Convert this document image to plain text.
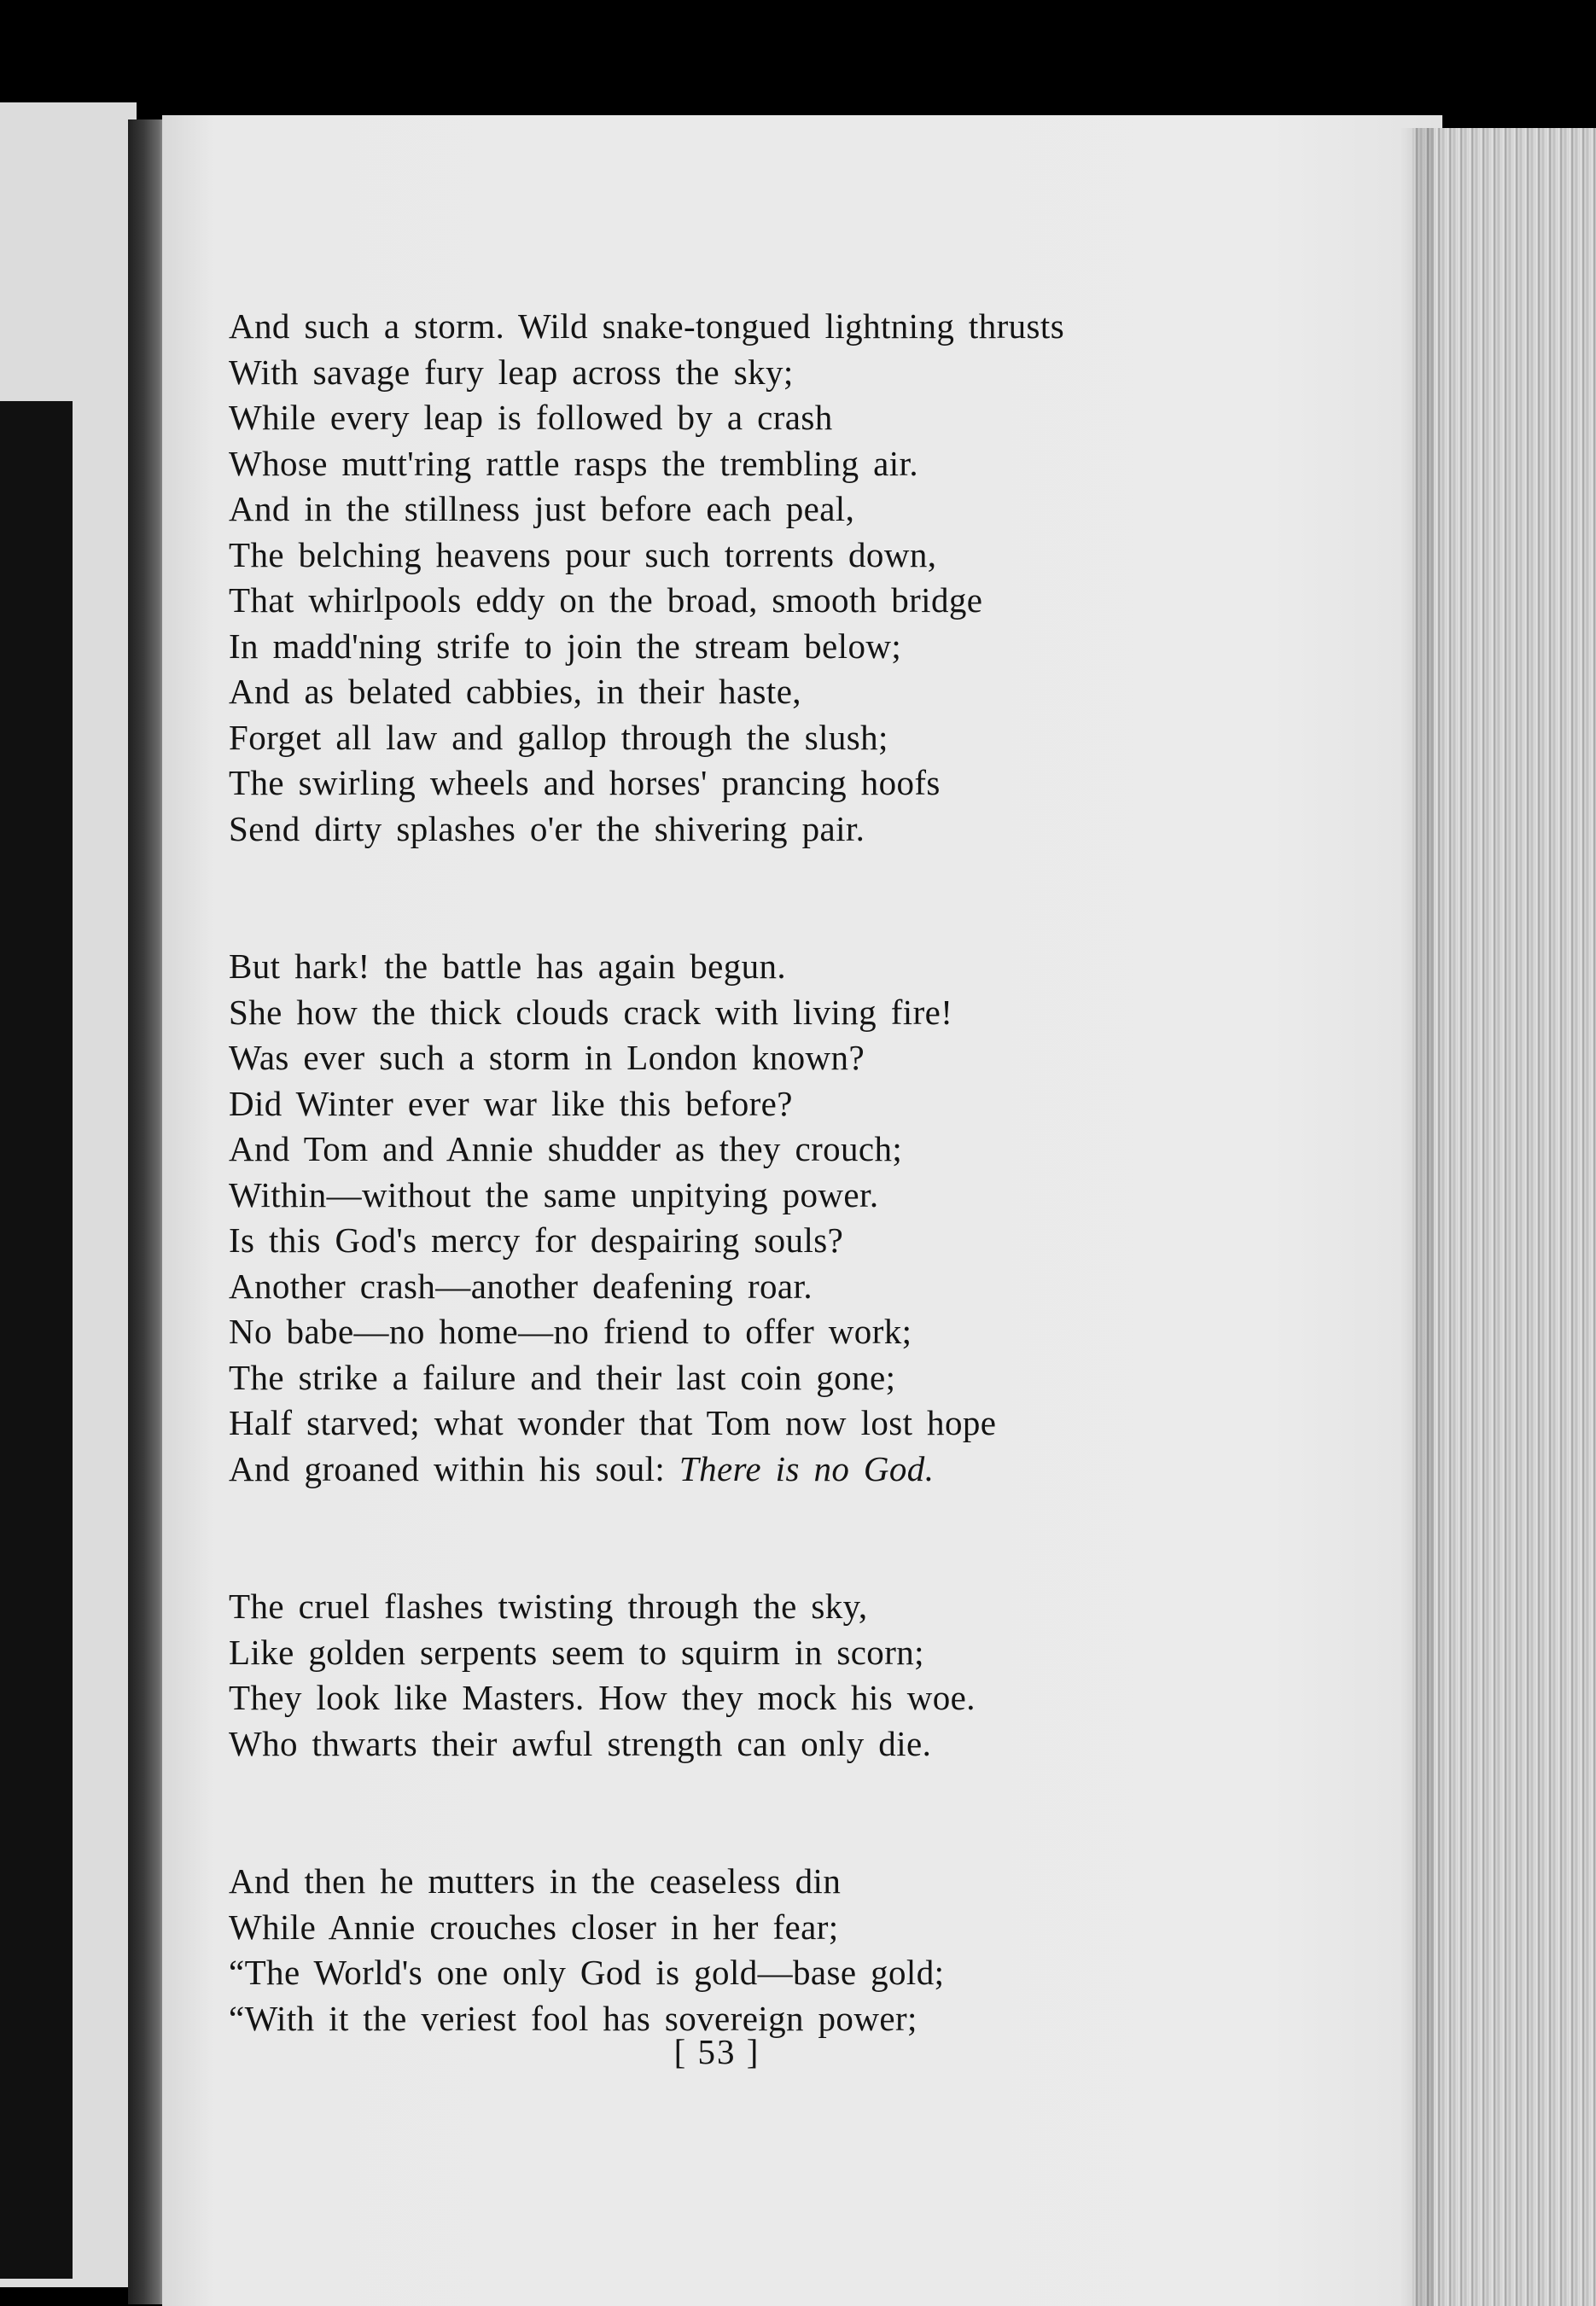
And such a storm. Wild snake-tongued lightning thrusts
With savage fury leap across the sky;
While every leap is followed by a crash
Whose mutt'ring rattle rasps the trembling air.
And in the stillness just before each peal,
The belching heavens pour such torrents down,
That whirlpools eddy on the broad, smooth bridge
In madd'ning strife to join the stream below;
And as belated cabbies, in their haste,
Forget all law and gallop through the slush;
The swirling wheels and horses' prancing hoofs
Send dirty splashes o'er the shivering pair.

But hark! the battle has again begun.
She how the thick clouds crack with living fire!
Was ever such a storm in London known?
Did Winter ever war like this before?
And Tom and Annie shudder as they crouch;
Within—without the same unpitying power.
Is this God's mercy for despairing souls?
Another crash—another deafening roar.
No babe—no home—no friend to offer work;
The strike a failure and their last coin gone;
Half starved; what wonder that Tom now lost hope
And groaned within his soul: There is no God.

The cruel flashes twisting through the sky,
Like golden serpents seem to squirm in scorn;
They look like Masters. How they mock his woe.
Who thwarts their awful strength can only die.

And then he mutters in the ceaseless din
While Annie crouches closer in her fear;
“The World's one only God is gold—base gold;
“With it the veriest fool has sovereign power;

[ 53 ]
